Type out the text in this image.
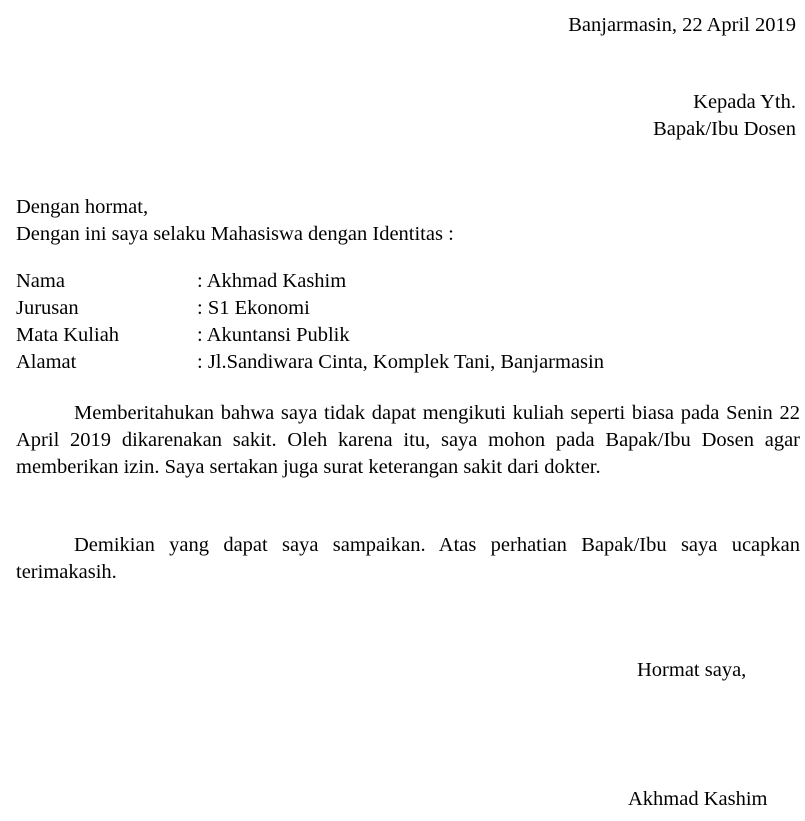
Banjarmasin, 22 April 2019
Kepada Yth.
Bapak/Ibu Dosen
Dengan hormat,
Dengan ini saya selaku Mahasiswa dengan Identitas :
Nama	: Akhmad Kashim
Jurusan	: S1 Ekonomi
Mata Kuliah	: Akuntansi Publik
Alamat	: Jl.Sandiwara Cinta, Komplek Tani, Banjarmasin
Memberitahukan bahwa saya tidak dapat mengikuti kuliah seperti biasa pada Senin 22 April 2019 dikarenakan sakit. Oleh karena itu, saya mohon pada Bapak/Ibu Dosen agar memberikan izin. Saya sertakan juga surat keterangan sakit dari dokter.
Demikian yang dapat saya sampaikan. Atas perhatian Bapak/Ibu saya ucapkan terimakasih.
Hormat saya,
Akhmad Kashim
